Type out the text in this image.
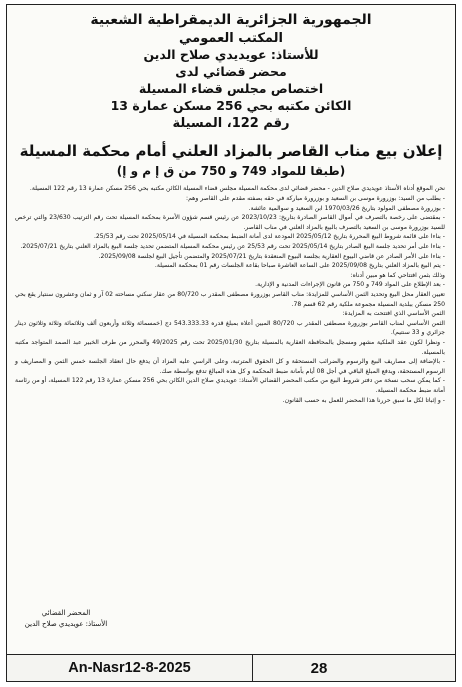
الجمهورية الجزائرية الديمقراطية الشعبية
المكتب العمومي
للأستاذ: عويديدي صلاح الدين
محضر قضائي لدى
اختصاص مجلس قضاء المسيلة
الكائن مكتبه بحي 256 مسكن عمارة 13
رقم 122، المسيلة
إعلان بيع مناب القاصر بالمزاد العلني أمام محكمة المسيلة
(طبقا للمواد 749 و 750 من ق إ م و إ)

نحن الموقع أدناه الأستاذ عويديدي صلاح الدين - محضر قضائي لدى محكمة المسيلة مجلس قضاء المسيلة الكائن مكتبه بحي 256 مسكن عمارة 13 رقم 122 المسيلة.

- بطلب من السيد: بوزرورة موسى بن السعيد و بوزرورة مباركة في حقه بصفته مقدم على القاصر وهم:

- بوزرورة مصطفى المولود بتاريخ 1970/03/26 ابن السعيد و سوالمية عائشة.

- بمقتضى على رخصة بالتصرف في أموال القاصر الصادرة بتاريخ: 2023/10/23 عن رئيس قسم شؤون الأسرة بمحكمة المسيلة تحت رقم الترتيب 23/630 والتي ترخص للسيد بوزرورة موسى بن السعيد بالتصرف بالبيع بالمزاد العلني في مناب القاصر.

- بناءا على قائمة شروط البيع المحررة بتاريخ 2025/05/12 المودعة لدى أمانة الضبط بمحكمة المسيلة في 2025/05/14 تحت رقم 25/53.

- بناءا على أمر تحديد جلسة البيع الصادر بتاريخ 2025/05/14 تحت رقم 25/53 عن رئيس محكمة المسيلة المتضمن تحديد جلسة البيع بالمزاد العلني بتاريخ 2025/07/21.

- بناءا على الأمر الصادر عن قاضي البيوع العقارية بجلسة البيوع المنعقدة بتاريخ 2025/07/21 والمتضمن تأجيل البيع لجلسة 2025/09/08.

- يتم البيع بالمزاد العلني بتاريخ 2025/09/08 على الساعة العاشرة صباحا بقاعة الجلسات رقم 01 بمحكمة المسيلة.

وذلك بثمن افتتاحي كما هو مبين أدناه:

- بعد الإطلاع على المواد 749 و 750 من قانون الإجراءات المدنية و الإدارية.

تعيين العقار محل البيع وتحديد الثمن الأساسي للمزايدة: مناب القاصر بوزرورة مصطفى المقدر ب 80/720 من عقار سكني مساحته 02 آر و ثمان وعشرون سنتيار يقع بحي 250 مسكن ببلدية المسيلة مجموعة ملكية رقم 62 قسم 78.

الثمن الأساسي الذي افتتحت به المزايدة:

الثمن الأساسي لمناب القاصر بوزرورة مصطفى المقدر ب 80/720 المبين أعلاه بمبلغ قدره 543.333.33 دج (خمسمائة وثلاثة وأربعون ألف وثلاثمائة وثلاثة وثلاثون دينار جزائري و 33 سنتيم).

- ونظرا لكون عقد الملكية مشهر ومسجل بالمحافظة العقارية بالمسيلة بتاريخ 2025/01/30 تحت رقم 49/2025 والمحرر من طرف الخبير عبد الصمد المتواجد مكتبه بالمسيلة.

- بالإضافة إلى مصاريف البيع والرسوم والضرائب المستحقة و كل الحقوق المترتبة، وعلى الراسي عليه المزاد أن يدفع حال انعقاد الجلسة خمس الثمن و المصاريف و الرسوم المستحقة، ويدفع المبلغ الباقي في أجل 08 أيام بأمانة ضبط المحكمة و كل هذه المبالغ تدفع بواسطة صك.

- كما يمكن سحب نسخة من دفتر شروط البيع من مكتب المحضر القضائي الأستاذ: عويديدي صلاح الدين الكائن بحي 256 مسكن عمارة 13 رقم 122 المسيلة، أو من رئاسة أمانة ضبط محكمة المسيلة.

- و إثباتا لكل ما سبق حررنا هذا المحضر للعمل به حسب القانون.

المحضر القضائي
الأستاذ: عويديدي صلاح الدين
An-Nasr12-8-2025	28
